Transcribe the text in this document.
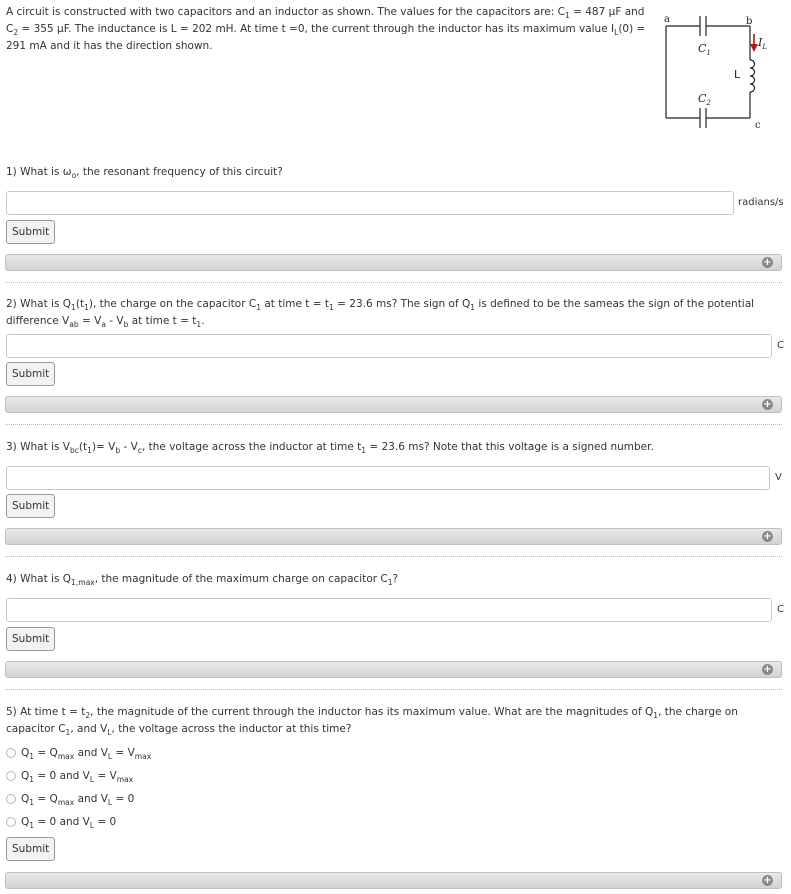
A circuit is constructed with two capacitors and an inductor as shown. The values for the capacitors are: $C_1 = 487$ μF and $C_2 = 355$ μF. The inductance is L = 202 mH. At time t =0, the current through the inductor has its maximum value $I_L(0) = 291$ mA and it has the direction shown.
a	b
c
$C_1$
$C_2$
L
$I_L$
1) What is $\omega_o$, the resonant frequency of this circuit?
radians/s
Submit
+
2) What is $Q_1(t_1)$, the charge on the capacitor $C_1$ at time $t = t_1 = 23.6$ ms? The sign of $Q_1$ is defined to be the sameas the sign of the potential difference $V_{ab} = V_a - V_b$ at time $t = t_1$.
C
Submit
+
3) What is $V_{bc}(t_1)= V_b - V_c$, the voltage across the inductor at time $t_1 = 23.6$ ms? Note that this voltage is a signed number.
V
Submit
+
4) What is $Q_{1,max}$, the magnitude of the maximum charge on capacitor $C_1$?
C
Submit
+
5) At time $t = t_2$, the magnitude of the current through the inductor has its maximum value. What are the magnitudes of $Q_1$, the charge on capacitor $C_1$, and $V_L$, the voltage across the inductor at this time?
$Q_1 = Q_{max}$ and $V_L = V_{max}$
$Q_1 = 0$ and $V_L = V_{max}$
$Q_1 = Q_{max}$ and $V_L = 0$
$Q_1 = 0$ and $V_L = 0$
Submit
+
